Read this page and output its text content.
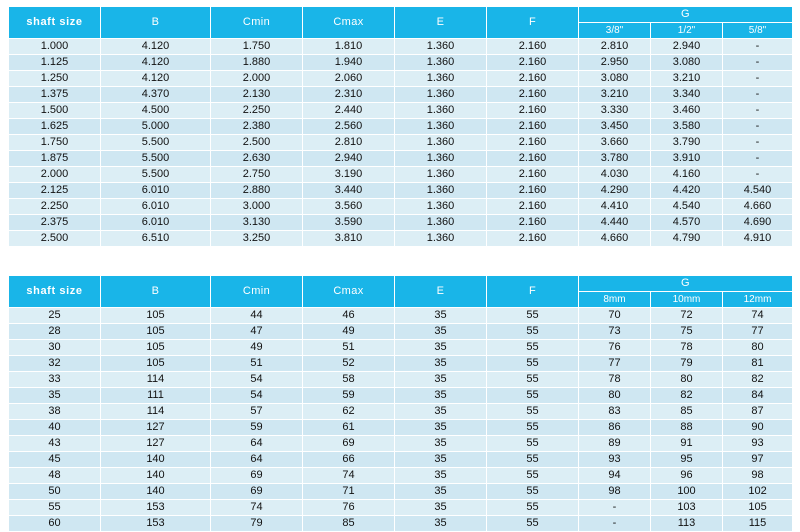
shaft size	B	Cmin	Cmax	E	F	G		
						3/8"	1/2"	5/8"
1.000	4.120	1.750	1.810	1.360	2.160	2.810	2.940	-
1.125	4.120	1.880	1.940	1.360	2.160	2.950	3.080	-
1.250	4.120	2.000	2.060	1.360	2.160	3.080	3.210	-
1.375	4.370	2.130	2.310	1.360	2.160	3.210	3.340	-
1.500	4.500	2.250	2.440	1.360	2.160	3.330	3.460	-
1.625	5.000	2.380	2.560	1.360	2.160	3.450	3.580	-
1.750	5.500	2.500	2.810	1.360	2.160	3.660	3.790	-
1.875	5.500	2.630	2.940	1.360	2.160	3.780	3.910	-
2.000	5.500	2.750	3.190	1.360	2.160	4.030	4.160	-
2.125	6.010	2.880	3.440	1.360	2.160	4.290	4.420	4.540
2.250	6.010	3.000	3.560	1.360	2.160	4.410	4.540	4.660
2.375	6.010	3.130	3.590	1.360	2.160	4.440	4.570	4.690
2.500	6.510	3.250	3.810	1.360	2.160	4.660	4.790	4.910
shaft size	B	Cmin	Cmax	E	F	G		
						8mm	10mm	12mm
25	105	44	46	35	55	70	72	74
28	105	47	49	35	55	73	75	77
30	105	49	51	35	55	76	78	80
32	105	51	52	35	55	77	79	81
33	114	54	58	35	55	78	80	82
35	111	54	59	35	55	80	82	84
38	114	57	62	35	55	83	85	87
40	127	59	61	35	55	86	88	90
43	127	64	69	35	55	89	91	93
45	140	64	66	35	55	93	95	97
48	140	69	74	35	55	94	96	98
50	140	69	71	35	55	98	100	102
55	153	74	76	35	55	-	103	105
60	153	79	85	35	55	-	113	115
